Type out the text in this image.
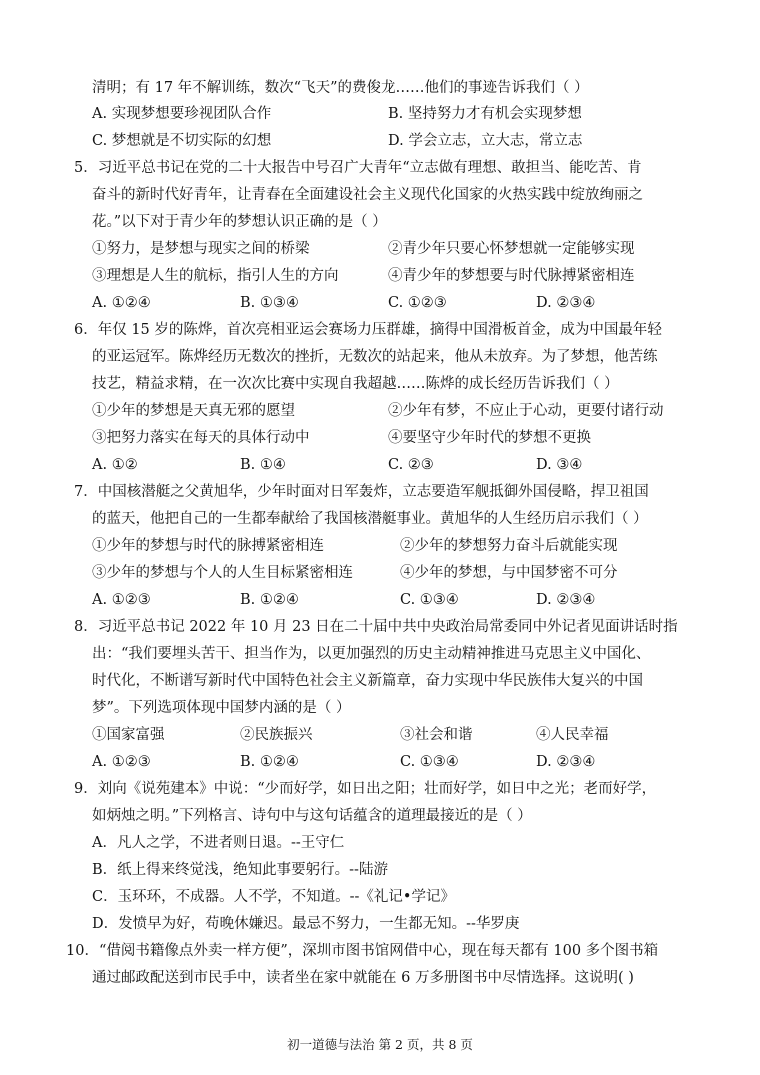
清明；有 17 年不解训练，数次“飞天”的费俊龙……他们的事迹告诉我们（ ）
A. 实现梦想要珍视团队合作	B. 坚持努力才有机会实现梦想
C. 梦想就是不切实际的幻想	D. 学会立志，立大志，常立志
5．习近平总书记在党的二十大报告中号召广大青年“立志做有理想、敢担当、能吃苦、肯
奋斗的新时代好青年，让青春在全面建设社会主义现代化国家的火热实践中绽放绚丽之
花。”以下对于青少年的梦想认识正确的是（ ）
①努力，是梦想与现实之间的桥梁	②青少年只要心怀梦想就一定能够实现
③理想是人生的航标，指引人生的方向	④青少年的梦想要与时代脉搏紧密相连
A. ①②④	B. ①③④	C. ①②③	D. ②③④
6．年仅 15 岁的陈烨，首次亮相亚运会赛场力压群雄，摘得中国滑板首金，成为中国最年轻
的亚运冠军。陈烨经历无数次的挫折，无数次的站起来，他从未放弃。为了梦想，他苦练
技艺，精益求精，在一次次比赛中实现自我超越……陈烨的成长经历告诉我们（ ）
①少年的梦想是天真无邪的愿望	②少年有梦，不应止于心动，更要付诸行动
③把努力落实在每天的具体行动中	④要坚守少年时代的梦想不更换
A. ①②	B. ①④	C. ②③	D. ③④
7．中国核潜艇之父黄旭华，少年时面对日军轰炸，立志要造军舰抵御外国侵略，捍卫祖国
的蓝天，他把自己的一生都奉献给了我国核潜艇事业。黄旭华的人生经历启示我们（ ）
①少年的梦想与时代的脉搏紧密相连	②少年的梦想努力奋斗后就能实现
③少年的梦想与个人的人生目标紧密相连	④少年的梦想，与中国梦密不可分
A. ①②③	B. ①②④	C. ①③④	D. ②③④
8．习近平总书记 2022 年 10 月 23 日在二十届中共中央政治局常委同中外记者见面讲话时指
出：“我们要埋头苦干、担当作为，以更加强烈的历史主动精神推进马克思主义中国化、
时代化，不断谱写新时代中国特色社会主义新篇章，奋力实现中华民族伟大复兴的中国
梦”。下列选项体现中国梦内涵的是（ ）
①国家富强	②民族振兴	③社会和谐	④人民幸福
A. ①②③	B. ①②④	C. ①③④	D. ②③④
9．刘向《说苑建本》中说：“少而好学，如日出之阳；壮而好学，如日中之光；老而好学，
如炳烛之明。”下列格言、诗句中与这句话蕴含的道理最接近的是（ ）
A．凡人之学，不进者则日退。--王守仁
B．纸上得来终觉浅，绝知此事要躬行。--陆游
C．玉环环，不成器。人不学，不知道。--《礼记•学记》
D．发愤早为好，苟晚休嫌迟。最忌不努力，一生都无知。--华罗庚
10．“借阅书籍像点外卖一样方便”，深圳市图书馆网借中心，现在每天都有 100 多个图书箱
通过邮政配送到市民手中，读者坐在家中就能在 6 万多册图书中尽情选择。这说明( )
初一道德与法治 第 2 页，共 8 页
